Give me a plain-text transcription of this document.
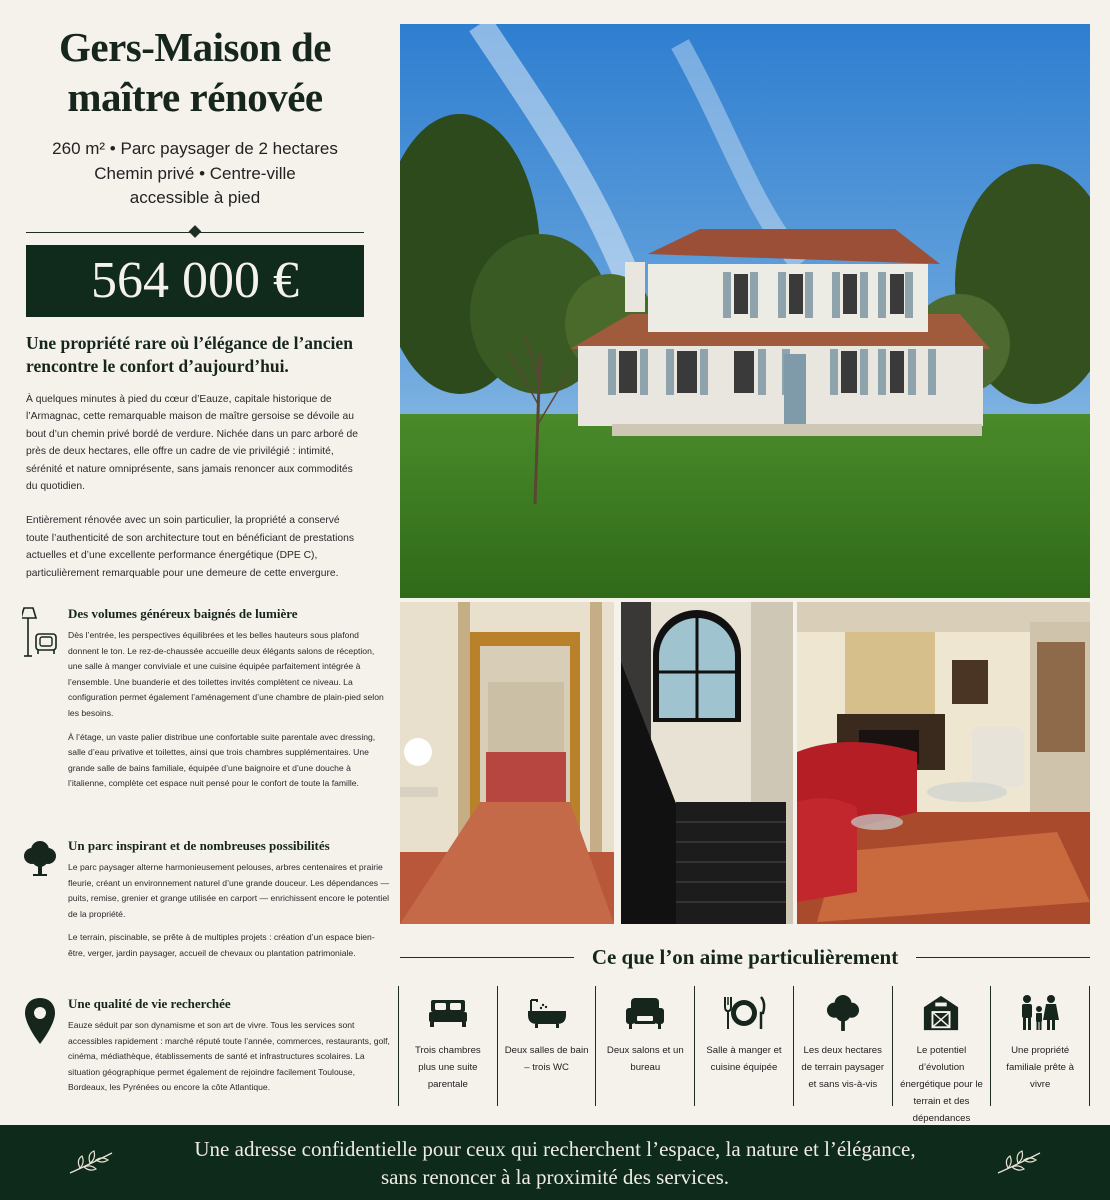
Gers-Maison de
maître rénovée
260 m² • Parc paysager de 2 hectares
Chemin privé • Centre-ville
accessible à pied
564 000 €
Une propriété rare où l’élégance de l’ancien
rencontre le confort d’aujourd’hui.

À quelques minutes à pied du cœur d’Eauze, capitale historique de l’Armagnac, cette remarquable maison de maître gersoise se dévoile au bout d’un chemin privé bordé de verdure. Nichée dans un parc arboré de près de deux hectares, elle offre un cadre de vie privilégié : intimité, sérénité et nature omniprésente, sans jamais renoncer aux commodités du quotidien.

Entièrement rénovée avec un soin particulier, la propriété a conservé toute l’authenticité de son architecture tout en bénéficiant de prestations actuelles et d’une excellente performance énergétique (DPE C), particulièrement remarquable pour une demeure de cette envergure.

Des volumes généreux baignés de lumière

Dès l’entrée, les perspectives équilibrées et les belles hauteurs sous plafond donnent le ton. Le rez-de-chaussée accueille deux élégants salons de réception, une salle à manger conviviale et une cuisine équipée parfaitement intégrée à l’ensemble. Une buanderie et des toilettes invités complètent ce niveau. La configuration permet également l’aménagement d’une chambre de plain-pied selon les besoins.

À l’étage, un vaste palier distribue une confortable suite parentale avec dressing, salle d’eau privative et toilettes, ainsi que trois chambres supplémentaires. Une grande salle de bains familiale, équipée d’une baignoire et d’une douche à l’italienne, complète cet espace nuit pensé pour le confort de toute la famille.

Un parc inspirant et de nombreuses possibilités

Le parc paysager alterne harmonieusement pelouses, arbres centenaires et prairie fleurie, créant un environnement naturel d’une grande douceur. Les dépendances — puits, remise, grenier et grange utilisée en carport — enrichissent encore le potentiel de la propriété.

Le terrain, piscinable, se prête à de multiples projets : création d’un espace bien-être, verger, jardin paysager, accueil de chevaux ou plantation patrimoniale.

Une qualité de vie recherchée

Eauze séduit par son dynamisme et son art de vivre. Tous les services sont accessibles rapidement : marché réputé toute l’année, commerces, restaurants, golf, cinéma, médiathèque, établissements de santé et infrastructures scolaires. La situation géographique permet également de rejoindre facilement Toulouse, Bordeaux, les Pyrénées ou encore la côte Atlantique.

Ce que l’on aime particulièrement
Trois chambres plus une suite parentale
Deux salles de bain – trois WC
Deux salons et un bureau
Salle à manger et cuisine équipée
Les deux hectares de terrain paysager et sans vis-à-vis
Le potentiel d’évolution énergétique pour le terrain et des dépendances
Une propriété familiale prête à vivre
Une adresse confidentielle pour ceux qui recherchent l’espace, la nature et l’élégance,
sans renoncer à la proximité des services.
